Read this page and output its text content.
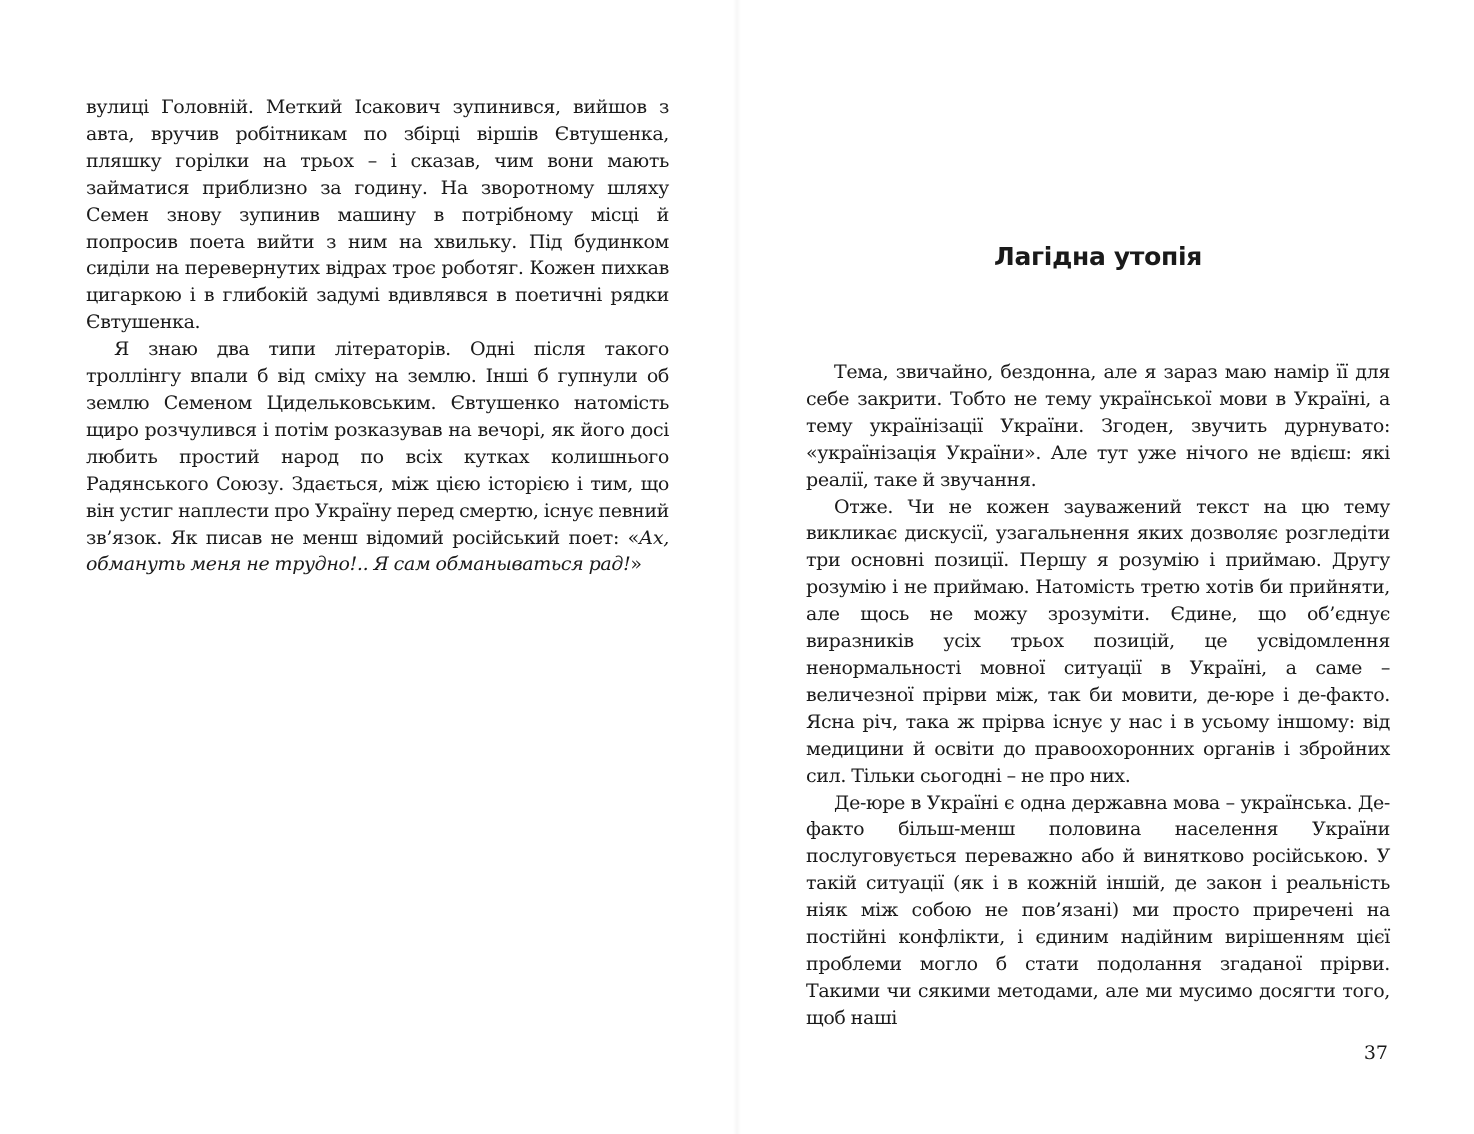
вулиці Головній. Меткий Ісакович зупинився, вийшов з авта, вручив робітникам по збірці віршів Євтушенка, пляшку горілки на трьох – і сказав, чим вони мають займатися приблизно за годину. На зворотному шляху Семен знову зупинив машину в потрібному місці й попросив поета вийти з ним на хвильку. Під будинком сиділи на перевернутих відрах троє роботяг. Кожен пихкав цигаркою і в глибокій задумі вдивлявся в поетичні рядки Євтушенка.

Я знаю два типи літераторів. Одні після такого троллінгу впали б від сміху на землю. Інші б гупнули об землю Семеном Цидельковським. Євтушенко натомість щиро розчулився і потім розказував на вечорі, як його досі любить простий народ по всіх кутках колишнього Радянського Союзу. Здається, між цією історією і тим, що він устиг наплести про Україну перед смертю, існує певний зв’язок. Як писав не менш відомий російський поет: «Ах, обмануть меня не трудно!.. Я сам обманываться рад!»

Лагідна утопія

Тема, звичайно, бездонна, але я зараз маю намір її для себе закрити. Тобто не тему української мови в Україні, а тему українізації України. Згоден, звучить дурнувато: «українізація України». Але тут уже нічого не вдієш: які реалії, таке й звучання.

Отже. Чи не кожен зауважений текст на цю тему викликає дискусії, узагальнення яких дозволяє розгледіти три основні позиції. Першу я розумію і приймаю. Другу розумію і не приймаю. Натомість третю хотів би прийняти, але щось не можу зрозуміти. Єдине, що об’єднує виразників усіх трьох позицій, це усвідомлення ненормальності мовної ситуації в Україні, а саме – величезної прірви між, так би мовити, де-юре і де-факто. Ясна річ, така ж прірва існує у нас і в усьому іншому: від медицини й освіти до правоохоронних органів і збройних сил. Тільки сьогодні – не про них.

Де-юре в Україні є одна державна мова – українська. Де-факто більш-менш половина населення України послуговується переважно або й винятково російською. У такій ситуації (як і в кожній іншій, де закон і реальність ніяк між собою не пов’язані) ми просто приречені на постійні конфлікти, і єдиним надійним вирішенням цієї проблеми могло б стати подолання згаданої прірви. Такими чи сякими методами, але ми мусимо досягти того, щоб наші

37
